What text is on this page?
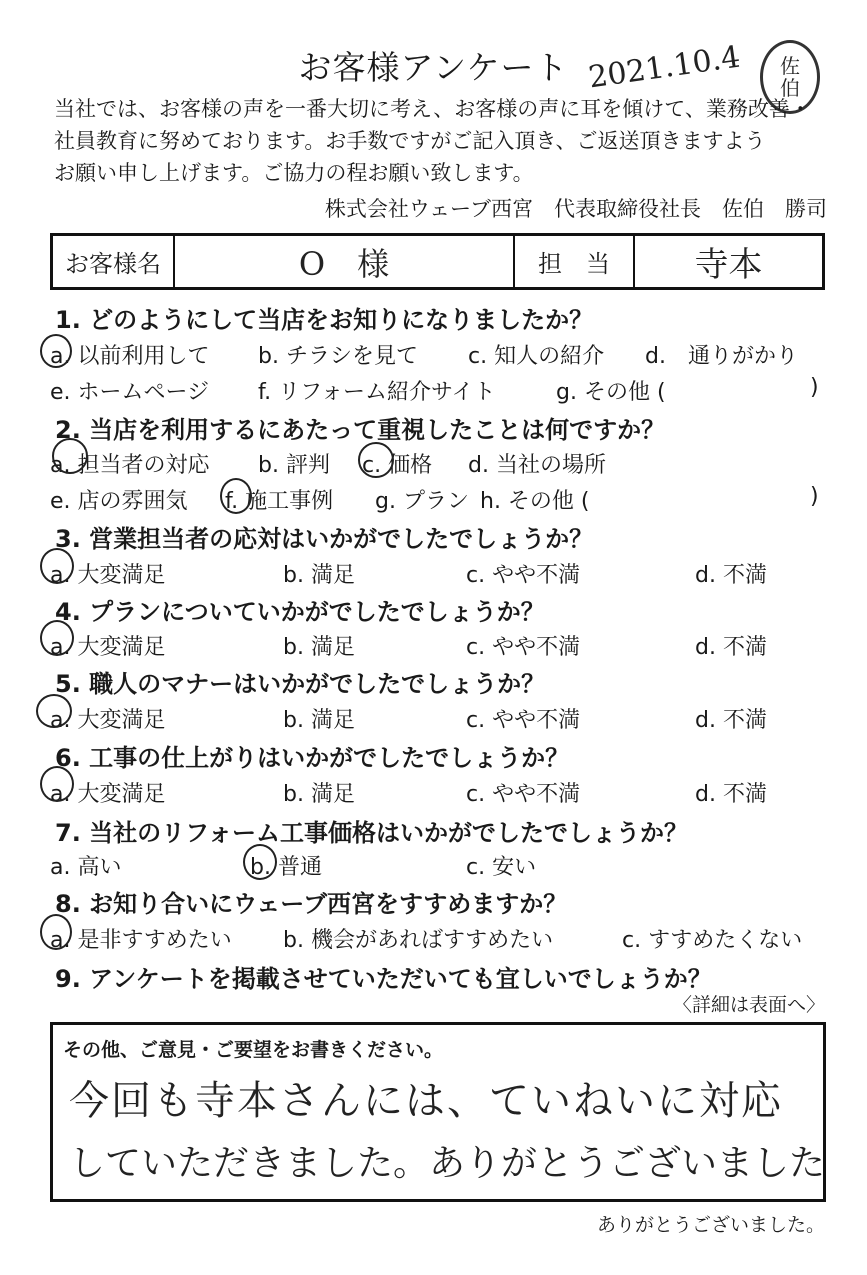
お客様アンケート 2021.10.4 佐
伯
当社では、お客様の声を一番大切に考え、お客様の声に耳を傾けて、業務改善・
社員教育に努めております。お手数ですがご記入頂き、ご返送頂きますよう
お願い申し上げます。ご協力の程お願い致します。
株式会社ウェーブ西宮　代表取締役社長　佐伯　勝司
お客様名	O　様	担　当	寺本
1. どのようにして当店をお知りになりましたか？
a. 以前利用して b. チラシを見て c. 知人の紹介 d.　通りがかり
e. ホームページ f. リフォーム紹介サイト	g. その他 (	)
2. 当店を利用するにあたって重視したことは何ですか？
a. 担当者の対応 b. 評判 c. 価格 d. 当社の場所
e. 店の雰囲気 f. 施工事例 g. プラン h. その他 (	)
3. 営業担当者の応対はいかがでしたでしょうか？
a. 大変満足	b. 満足	c. やや不満	d. 不満
4. プランについていかがでしたでしょうか？
a. 大変満足	b. 満足	c. やや不満	d. 不満
5. 職人のマナーはいかがでしたでしょうか？
a. 大変満足	b. 満足	c. やや不満	d. 不満
6. 工事の仕上がりはいかがでしたでしょうか？
a. 大変満足	b. 満足	c. やや不満	d. 不満
7. 当社のリフォーム工事価格はいかがでしたでしょうか？
a. 高い	b. 普通	c. 安い
8. お知り合いにウェーブ西宮をすすめますか？
a. 是非すすめたい b. 機会があればすすめたい	c. すすめたくない
9. アンケートを掲載させていただいても宜しいでしょうか？
〈詳細は表面へ〉
その他、ご意見・ご要望をお書きください。
今回も寺本さんには、ていねいに対応
していただきました。ありがとうございました
ありがとうございました。
